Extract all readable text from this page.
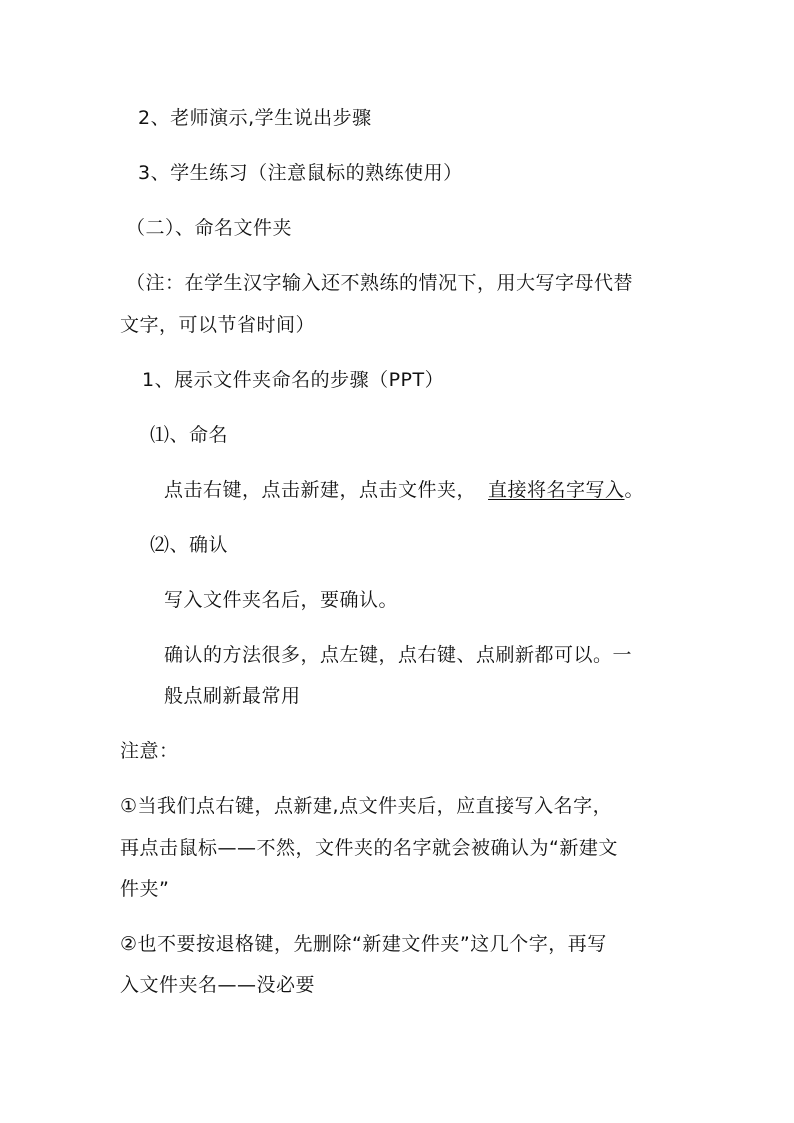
2、老师演示,学生说出步骤
3、学生练习（注意鼠标的熟练使用）
（二）、命名文件夹
（注：在学生汉字输入还不熟练的情况下，用大写字母代替
文字，可以节省时间）
1、展示文件夹命名的步骤（PPT）
⑴、命名
点击右键，点击新建，点击文件夹， 直接将名字写入。
⑵、确认
写入文件夹名后，要确认。
确认的方法很多，点左键，点右键、点刷新都可以。一
般点刷新最常用
注意：
①当我们点右键，点新建,点文件夹后，应直接写入名字，
再点击鼠标——不然，文件夹的名字就会被确认为“新建文
件夹”
②也不要按退格键，先删除“新建文件夹”这几个字，再写
入文件夹名——没必要
